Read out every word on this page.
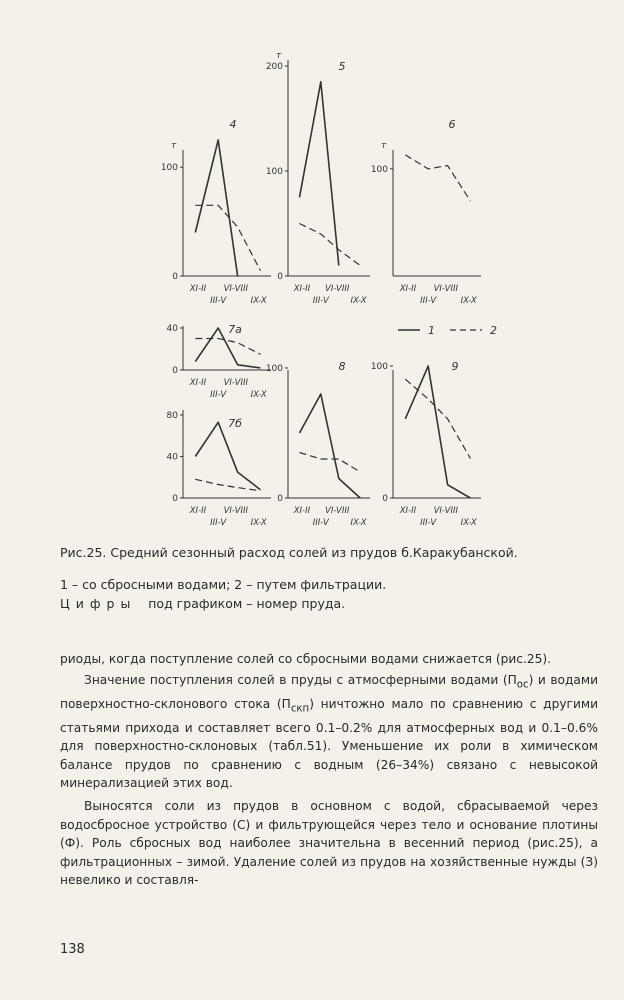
0
100
т
XI-II VI-VIII
III-V	IX-X
4
0
100
200
т
XI-II VI-VIII
III-V	IX-X
5
100
т
XI-II VI-VIII
III-V	IX-X
6
0
40
XI-II VI-VIII
III-V	IX-X
7а
0
40
80
XI-II VI-VIII
III-V	IX-X
7б
0
100
XI-II VI-VIII
III-V	IX-X
8
0
100
XI-II VI-VIII
III-V	IX-X
9
1	2
Рис.25. Средний сезонный расход солей из прудов б.Каракубанской.
1 – со сбросными водами; 2 – путем фильтрации.
Цифры под графиком – номер пруда.

риоды, когда поступление солей со сбросными водами снижается (рис.25).

Значение поступления солей в пруды с атмосферными водами $(П_{ос})$ и водами поверхностно-склонового стока $(П_{скп})$ ничтожно мало по сравнению с другими статьями прихода и составляет всего 0.1–0.2% для атмосферных вод и 0.1–0.6% для поверхностно-склоновых (табл.51). Уменьшение их роли в химическом балансе прудов по сравнению с водным (26–34%) связано с невысокой минерализацией этих вод.

Выносятся соли из прудов в основном с водой, сбрасываемой через водосбросное устройство (С) и фильтрующейся через тело и основание плотины (Ф). Роль сбросных вод наиболее значительна в весенний период (рис.25), а фильтрационных – зимой. Удаление солей из прудов на хозяйственные нужды (З) невелико и составля-

138
